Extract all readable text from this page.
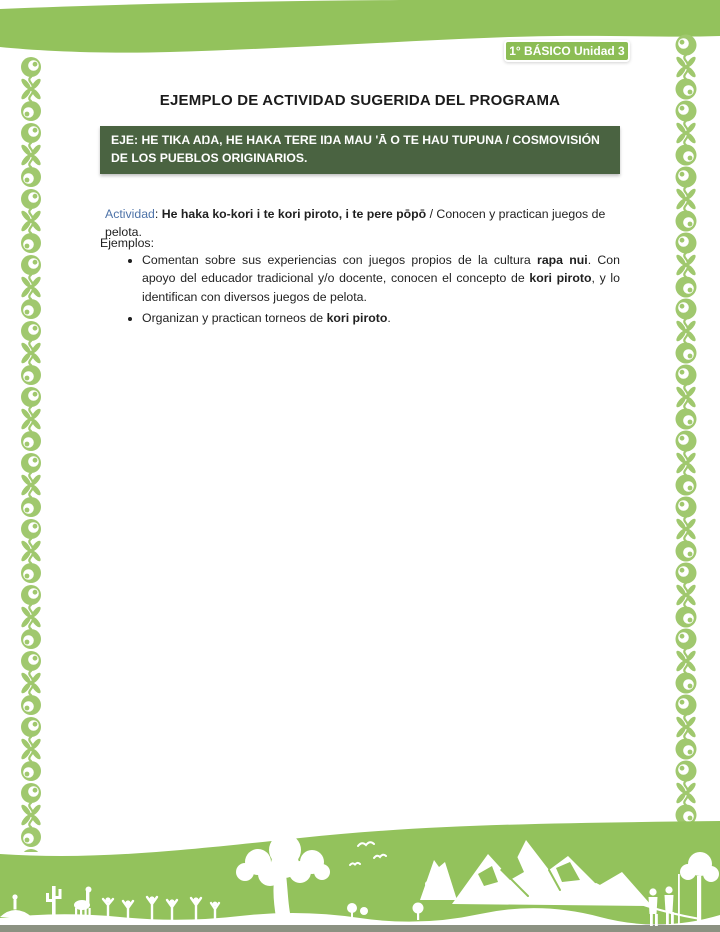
1° BÁSICO Unidad 3
EJEMPLO DE ACTIVIDAD SUGERIDA DEL PROGRAMA
EJE: HE TIKA AŊA, HE HAKA TERE IŊA MAU 'Ā O TE HAU TUPUNA / COSMOVISIÓN DE LOS PUEBLOS ORIGINARIOS.

Actividad: He haka ko-kori i te kori piroto, i te pere pōpō / Conocen y practican juegos de pelota.

Ejemplos:

• Comentan sobre sus experiencias con juegos propios de la cultura rapa nui. Con apoyo del educador tradicional y/o docente, conocen el concepto de kori piroto, y lo identifican con diversos juegos de pelota.
• Organizan y practican torneos de kori piroto.
